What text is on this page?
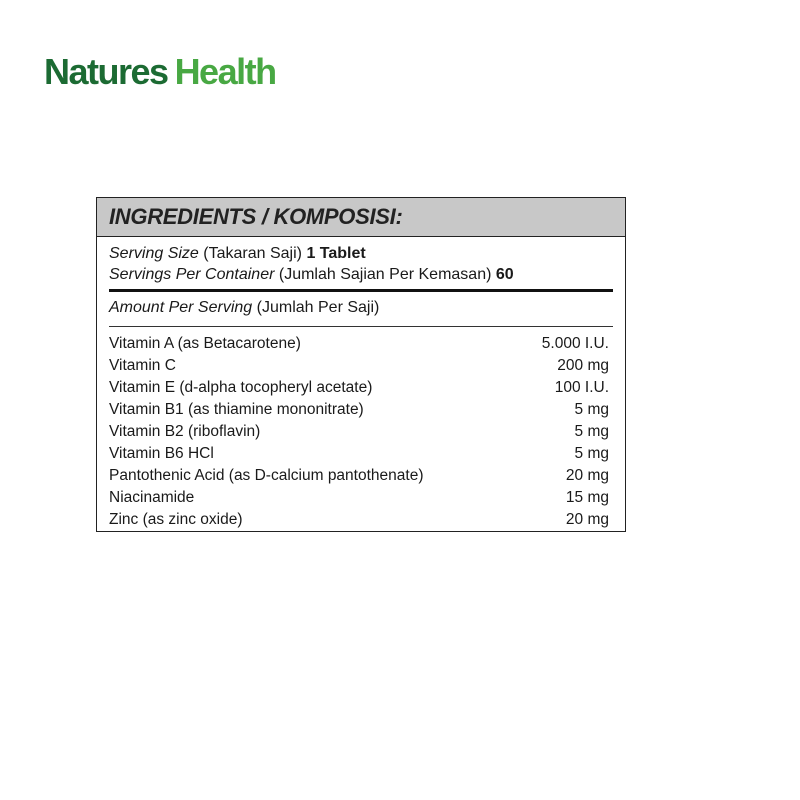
Natures Health
INGREDIENTS / KOMPOSISI:
Serving Size (Takaran Saji) 1 Tablet
Servings Per Container (Jumlah Sajian Per Kemasan) 60
Amount Per Serving (Jumlah Per Saji)
Vitamin A (as Betacarotene)	5.000 I.U.
Vitamin C	200 mg
Vitamin E (d-alpha tocopheryl acetate)	100 I.U.
Vitamin B1 (as thiamine mononitrate)	5 mg
Vitamin B2 (riboflavin)	5 mg
Vitamin B6 HCl	5 mg
Pantothenic Acid (as D-calcium pantothenate)	20 mg
Niacinamide	15 mg
Zinc (as zinc oxide)	20 mg
